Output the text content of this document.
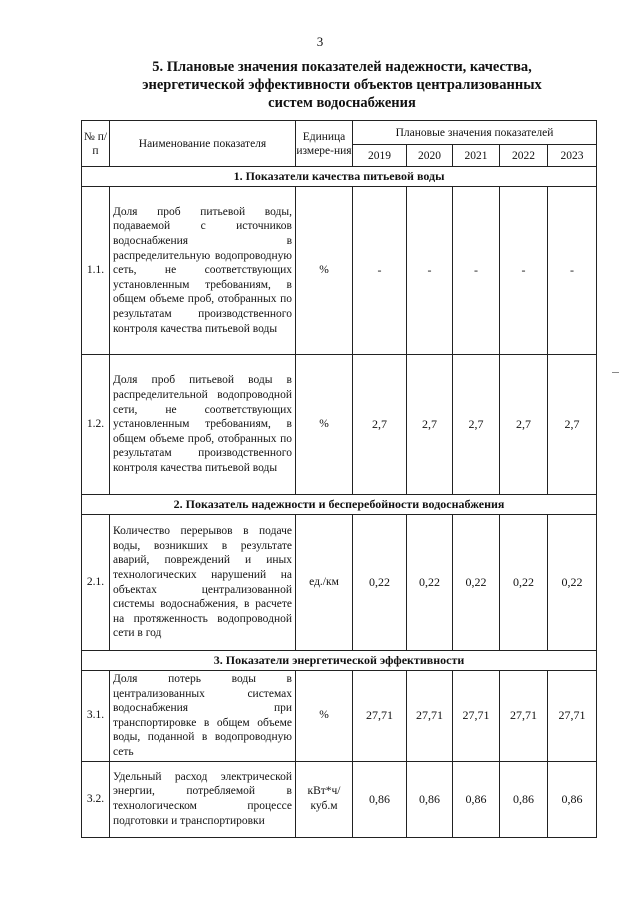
3
5. Плановые значения показателей надежности, качества,
энергетической эффективности объектов централизованных
систем водоснабжения
№ п/п	Наименование показателя	Единица измере-ния	Плановые значения показателей				
			2019	2020	2021	2022	2023
1. Показатели качества питьевой воды							
1.1.	Доля проб питьевой воды, подаваемой с источников водоснабжения в распределительную водопроводную сеть, не соответствующих установленным требованиям, в общем объеме проб, отобранных по результатам производственного контроля качества питьевой воды	%	-	-	-	-	-
1.2.	Доля проб питьевой воды в распределительной водопроводной сети, не соответствующих установленным требованиям, в общем объеме проб, отобранных по результатам производственного контроля качества питьевой воды	%	2,7	2,7	2,7	2,7	2,7
2. Показатель надежности и бесперебойности водоснабжения							
2.1.	Количество перерывов в подаче воды, возникших в результате аварий, повреждений и иных технологических нарушений на объектах централизованной системы водоснабжения, в расчете на протяженность водопроводной сети в год	ед./км	0,22	0,22	0,22	0,22	0,22
3. Показатели энергетической эффективности							
3.1.	Доля потерь воды в централизованных системах водоснабжения при транспортировке в общем объеме воды, поданной в водопроводную сеть	%	27,71	27,71	27,71	27,71	27,71
3.2.	Удельный расход электрической энергии, потребляемой в технологическом процессе подготовки и транспортировки	кВт*ч/ куб.м	0,86	0,86	0,86	0,86	0,86
